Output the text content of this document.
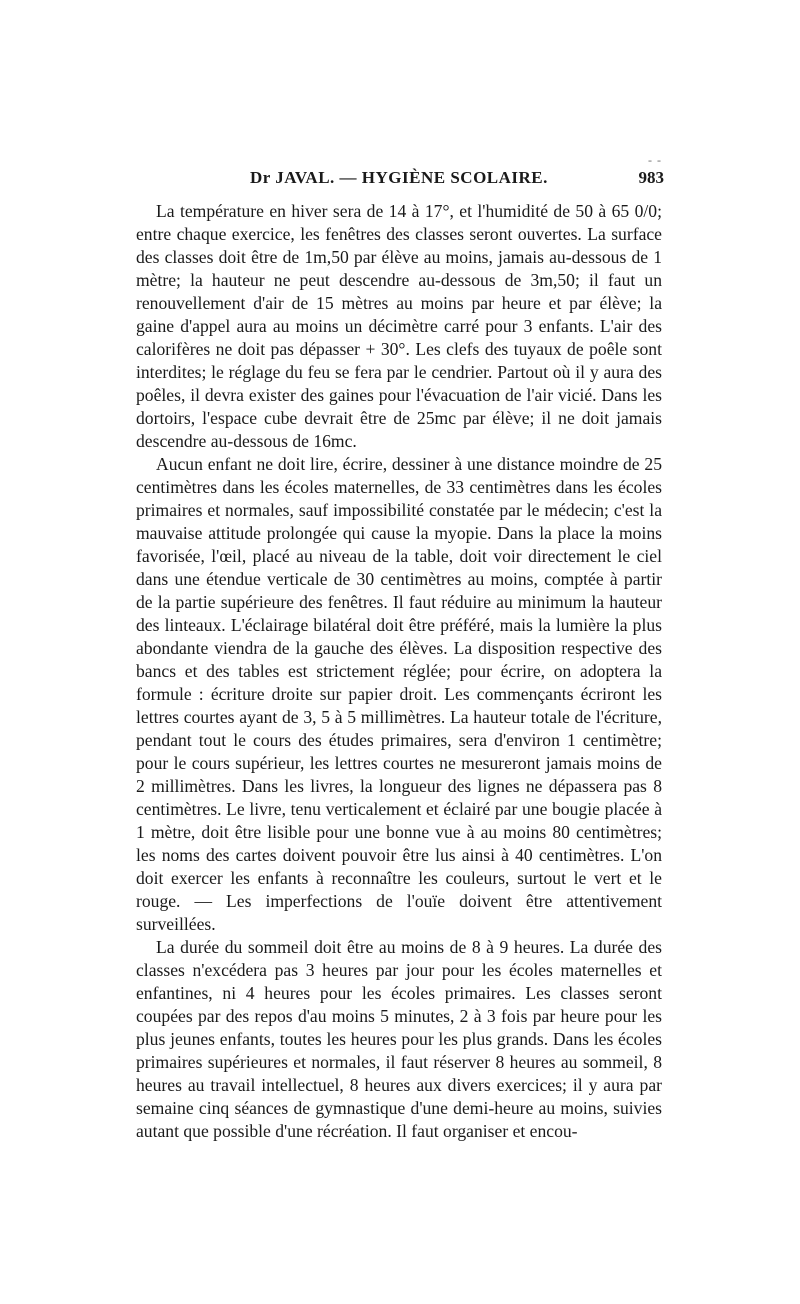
- -
Dr JAVAL. — HYGIÈNE SCOLAIRE.	983

La température en hiver sera de 14 à 17°, et l'humidité de 50 à 65 0/0; entre chaque exercice, les fenêtres des classes seront ouvertes. La surface des classes doit être de 1m,50 par élève au moins, jamais au-dessous de 1 mètre; la hauteur ne peut descendre au-dessous de 3m,50; il faut un renouvellement d'air de 15 mètres au moins par heure et par élève; la gaine d'appel aura au moins un décimètre carré pour 3 enfants. L'air des calorifères ne doit pas dépasser + 30°. Les clefs des tuyaux de poêle sont interdites; le réglage du feu se fera par le cendrier. Partout où il y aura des poêles, il devra exister des gaines pour l'évacuation de l'air vicié. Dans les dortoirs, l'espace cube devrait être de 25mc par élève; il ne doit jamais descendre au-dessous de 16mc.

Aucun enfant ne doit lire, écrire, dessiner à une distance moindre de 25 centimètres dans les écoles maternelles, de 33 centimètres dans les écoles primaires et normales, sauf impossibilité constatée par le médecin; c'est la mauvaise attitude prolongée qui cause la myopie. Dans la place la moins favorisée, l'œil, placé au niveau de la table, doit voir directement le ciel dans une étendue verticale de 30 centimètres au moins, comptée à partir de la partie supérieure des fenêtres. Il faut réduire au minimum la hauteur des linteaux. L'éclairage bilatéral doit être préféré, mais la lumière la plus abondante viendra de la gauche des élèves. La disposition respective des bancs et des tables est strictement réglée; pour écrire, on adoptera la formule : écriture droite sur papier droit. Les commençants écriront les lettres courtes ayant de 3, 5 à 5 millimètres. La hauteur totale de l'écriture, pendant tout le cours des études primaires, sera d'environ 1 centimètre; pour le cours supérieur, les lettres courtes ne mesureront jamais moins de 2 millimètres. Dans les livres, la longueur des lignes ne dépassera pas 8 centimètres. Le livre, tenu verticalement et éclairé par une bougie placée à 1 mètre, doit être lisible pour une bonne vue à au moins 80 centimètres; les noms des cartes doivent pouvoir être lus ainsi à 40 centimètres. L'on doit exercer les enfants à reconnaître les couleurs, surtout le vert et le rouge. — Les imperfections de l'ouïe doivent être attentivement surveillées.

La durée du sommeil doit être au moins de 8 à 9 heures. La durée des classes n'excédera pas 3 heures par jour pour les écoles maternelles et enfantines, ni 4 heures pour les écoles primaires. Les classes seront coupées par des repos d'au moins 5 minutes, 2 à 3 fois par heure pour les plus jeunes enfants, toutes les heures pour les plus grands. Dans les écoles primaires supérieures et normales, il faut réserver 8 heures au sommeil, 8 heures au travail intellectuel, 8 heures aux divers exercices; il y aura par semaine cinq séances de gymnastique d'une demi-heure au moins, suivies autant que possible d'une récréation. Il faut organiser et encou-
